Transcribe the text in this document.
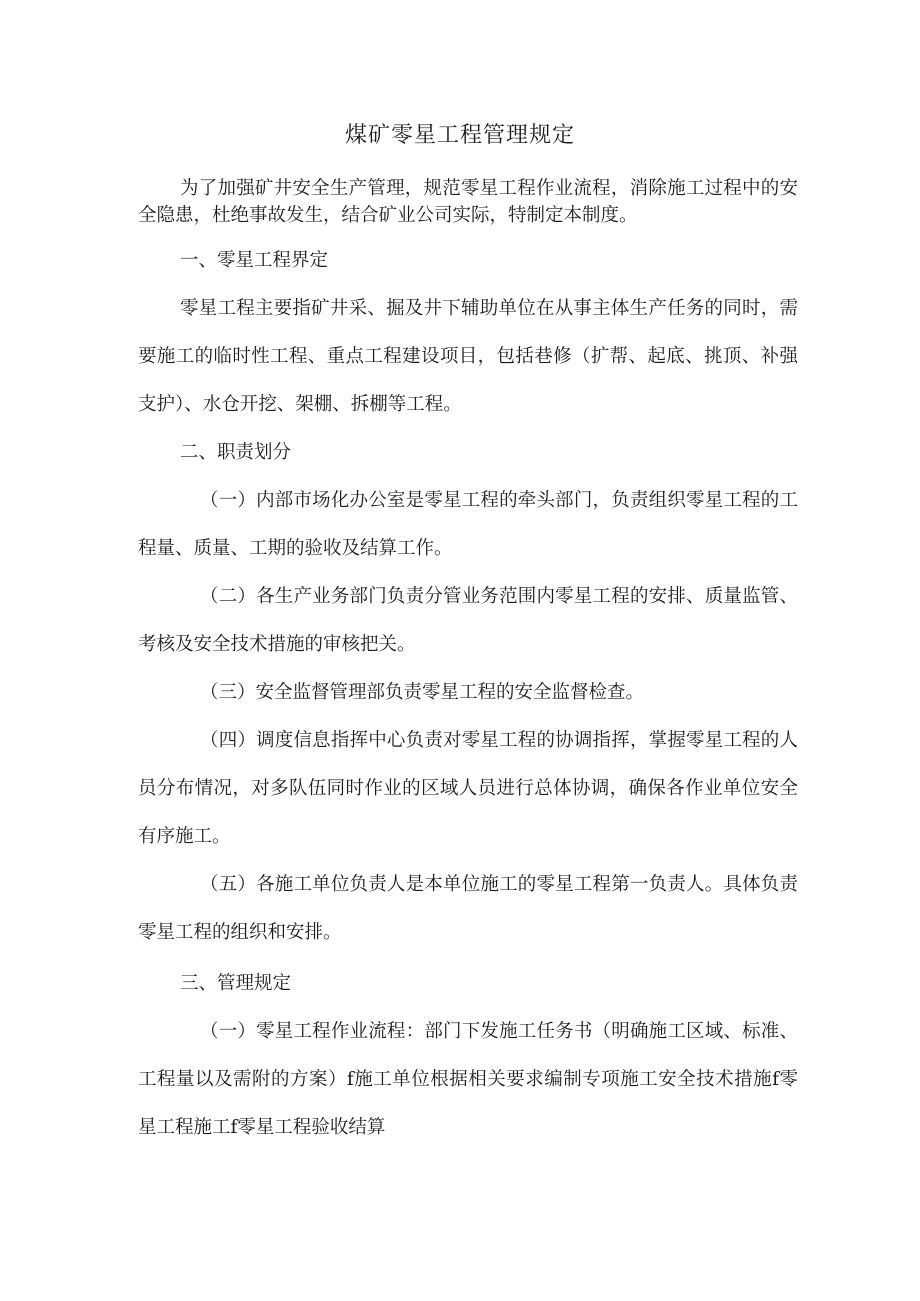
煤矿零星工程管理规定

为了加强矿井安全生产管理，规范零星工程作业流程，消除施工过程中的安全隐患，杜绝事故发生，结合矿业公司实际，特制定本制度。

一、零星工程界定

零星工程主要指矿井采、掘及井下辅助单位在从事主体生产任务的同时，需要施工的临时性工程、重点工程建设项目，包括巷修（扩帮、起底、挑顶、补强支护）、水仓开挖、架棚、拆棚等工程。

二、职责划分

（一）内部市场化办公室是零星工程的牵头部门，负责组织零星工程的工程量、质量、工期的验收及结算工作。

（二）各生产业务部门负责分管业务范围内零星工程的安排、质量监管、考核及安全技术措施的审核把关。

（三）安全监督管理部负责零星工程的安全监督检查。

（四）调度信息指挥中心负责对零星工程的协调指挥，掌握零星工程的人员分布情况，对多队伍同时作业的区域人员进行总体协调，确保各作业单位安全有序施工。

（五）各施工单位负责人是本单位施工的零星工程第一负责人。具体负责零星工程的组织和安排。

三、管理规定

（一）零星工程作业流程：部门下发施工任务书（明确施工区域、标准、工程量以及需附的方案）f施工单位根据相关要求编制专项施工安全技术措施f零星工程施工f零星工程验收结算
